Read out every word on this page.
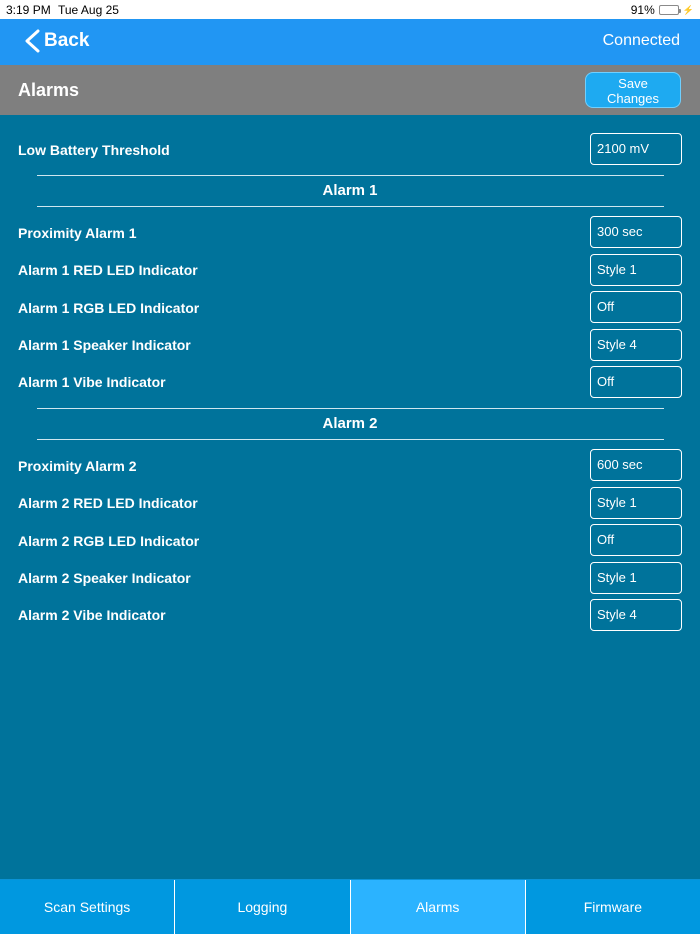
3:19 PM Tue Aug 25	91%	⚡
Back	Connected
Alarms	Save
Changes
Low Battery Threshold	2100 mV
Alarm 1
Proximity Alarm 1	300 sec
Alarm 1 RED LED Indicator	Style 1
Alarm 1 RGB LED Indicator	Off
Alarm 1 Speaker Indicator	Style 4
Alarm 1 Vibe Indicator	Off
Alarm 2
Proximity Alarm 2	600 sec
Alarm 2 RED LED Indicator	Style 1
Alarm 2 RGB LED Indicator	Off
Alarm 2 Speaker Indicator	Style 1
Alarm 2 Vibe Indicator	Style 4
Scan Settings	Logging	Alarms	Firmware
